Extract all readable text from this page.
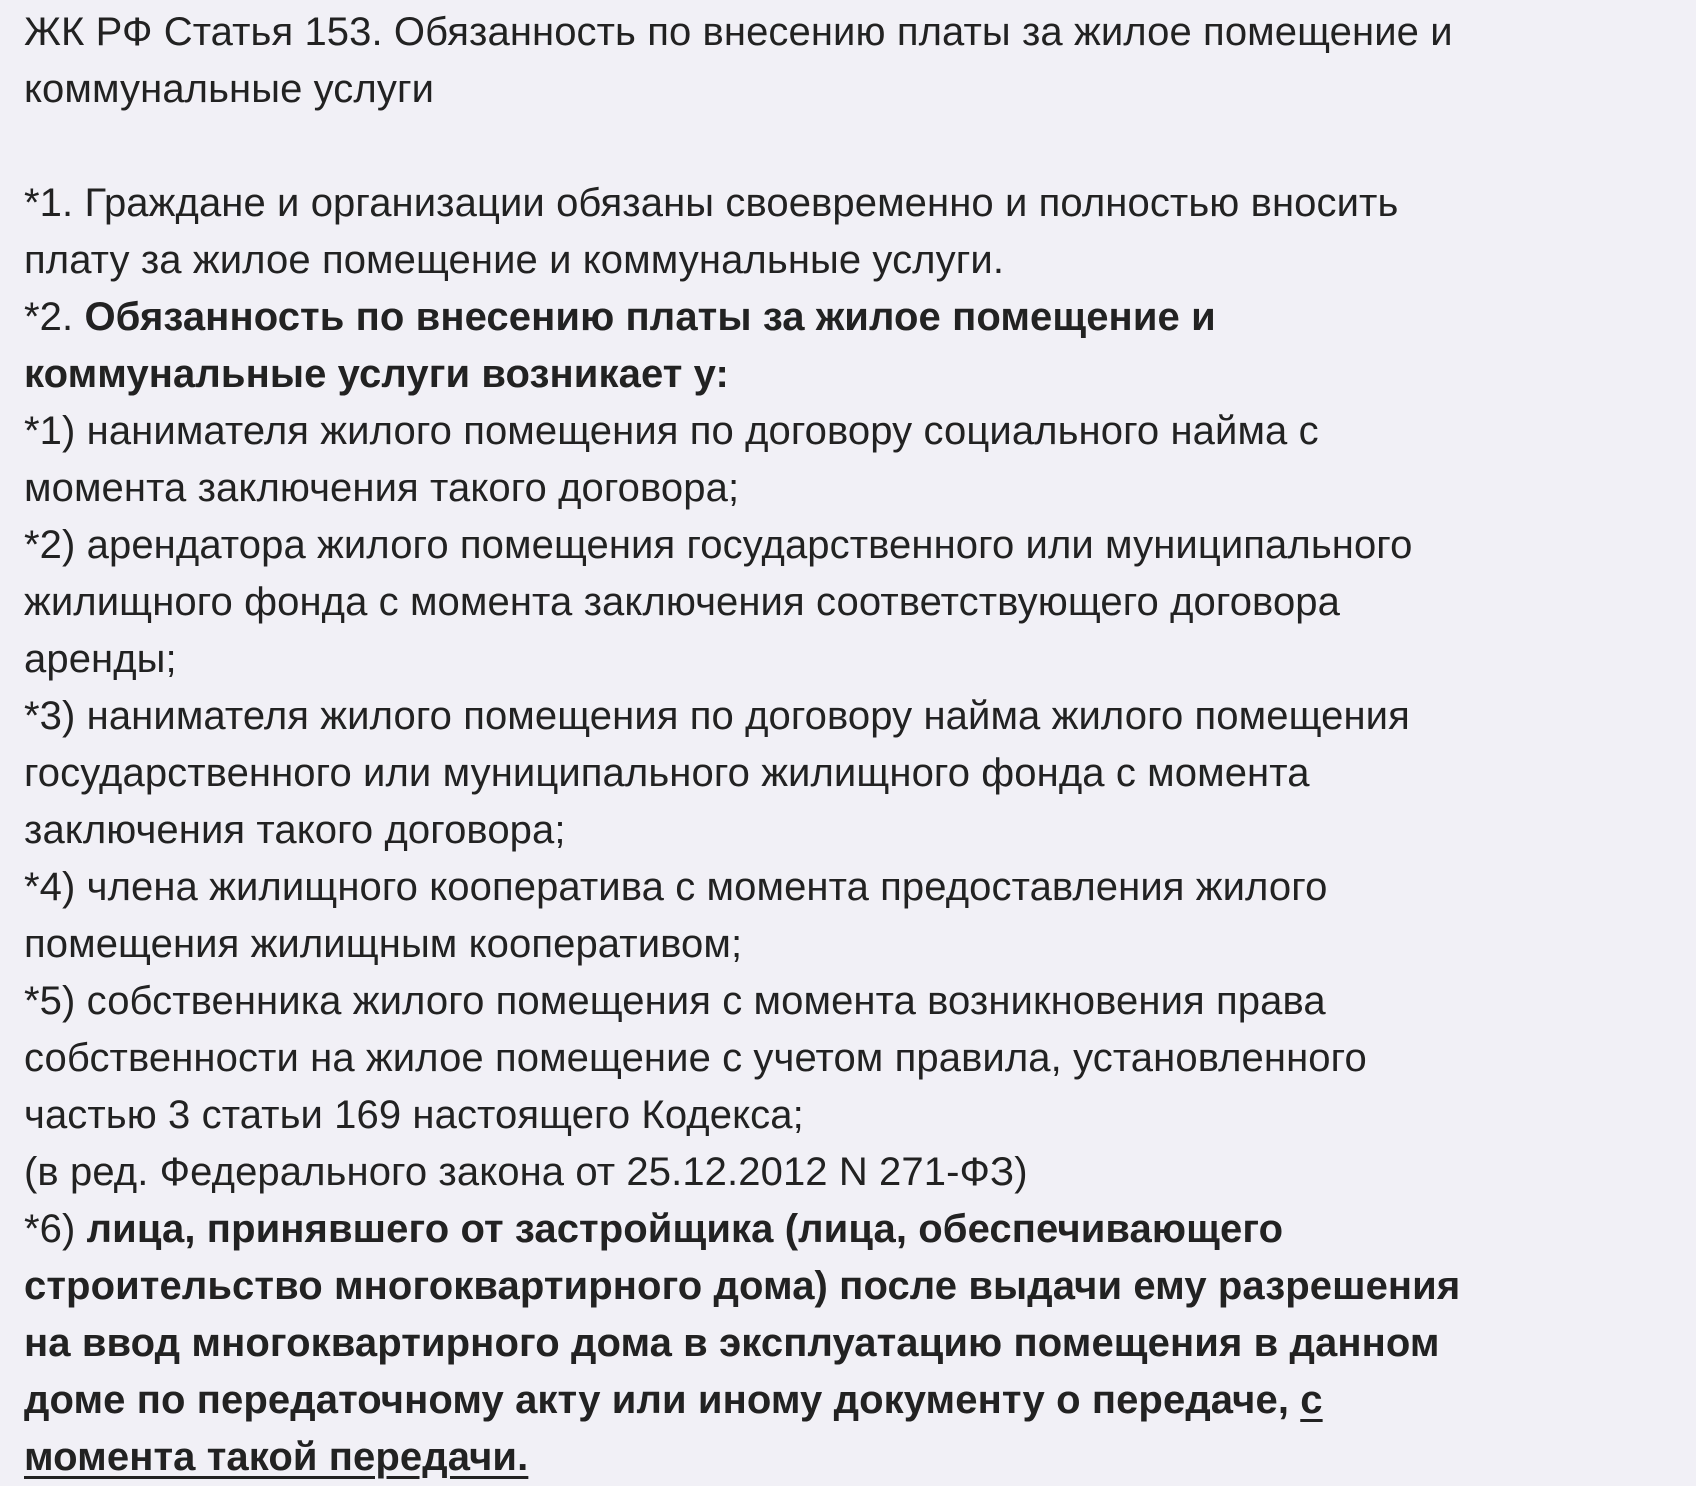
ЖК РФ Статья 153. Обязанность по внесению платы за жилое помещение и
коммунальные услуги
*1. Граждане и организации обязаны своевременно и полностью вносить
плату за жилое помещение и коммунальные услуги.
*2. Обязанность по внесению платы за жилое помещение и
коммунальные услуги возникает у:
*1) нанимателя жилого помещения по договору социального найма с
момента заключения такого договора;
*2) арендатора жилого помещения государственного или муниципального
жилищного фонда с момента заключения соответствующего договора
аренды;
*3) нанимателя жилого помещения по договору найма жилого помещения
государственного или муниципального жилищного фонда с момента
заключения такого договора;
*4) члена жилищного кооператива с момента предоставления жилого
помещения жилищным кооперативом;
*5) собственника жилого помещения с момента возникновения права
собственности на жилое помещение с учетом правила, установленного
частью 3 статьи 169 настоящего Кодекса;
(в ред. Федерального закона от 25.12.2012 N 271-ФЗ)
*6) лица, принявшего от застройщика (лица, обеспечивающего
строительство многоквартирного дома) после выдачи ему разрешения
на ввод многоквартирного дома в эксплуатацию помещения в данном
доме по передаточному акту или иному документу о передаче, с
момента такой передачи.
